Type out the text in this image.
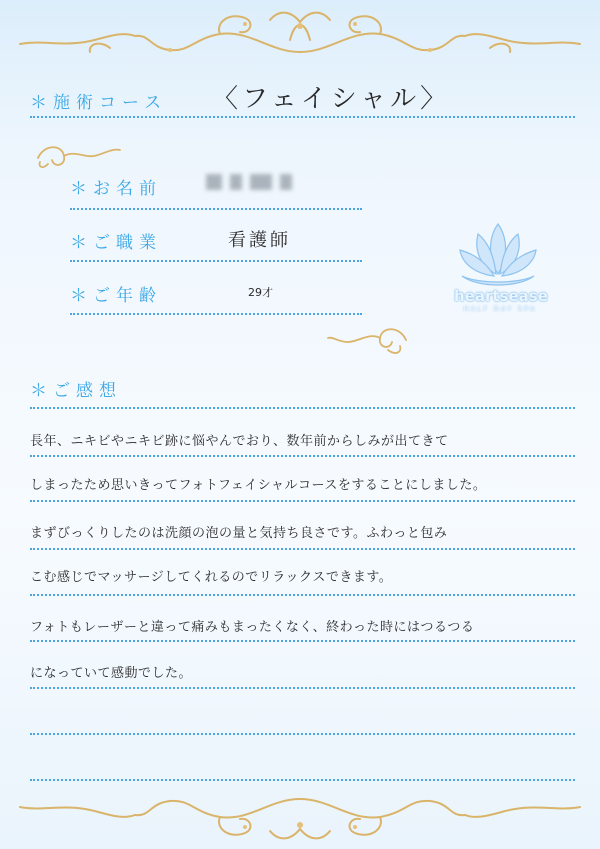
＊施術コース 〈フェイシャル〉
＊お名前
＊ご職業	看護師
＊ご年齢	29才	heartsease
HALF DAY SPA
＊ご感想
長年、ニキビやニキビ跡に悩やんでおり、数年前からしみが出てきて
しまったため思いきってフォトフェイシャルコースをすることにしました。
まずびっくりしたのは洗顔の泡の量と気持ち良さです。ふわっと包み
こむ感じでマッサージしてくれるのでリラックスできます。
フォトもレーザーと違って痛みもまったくなく、終わった時にはつるつる
になっていて感動でした。
